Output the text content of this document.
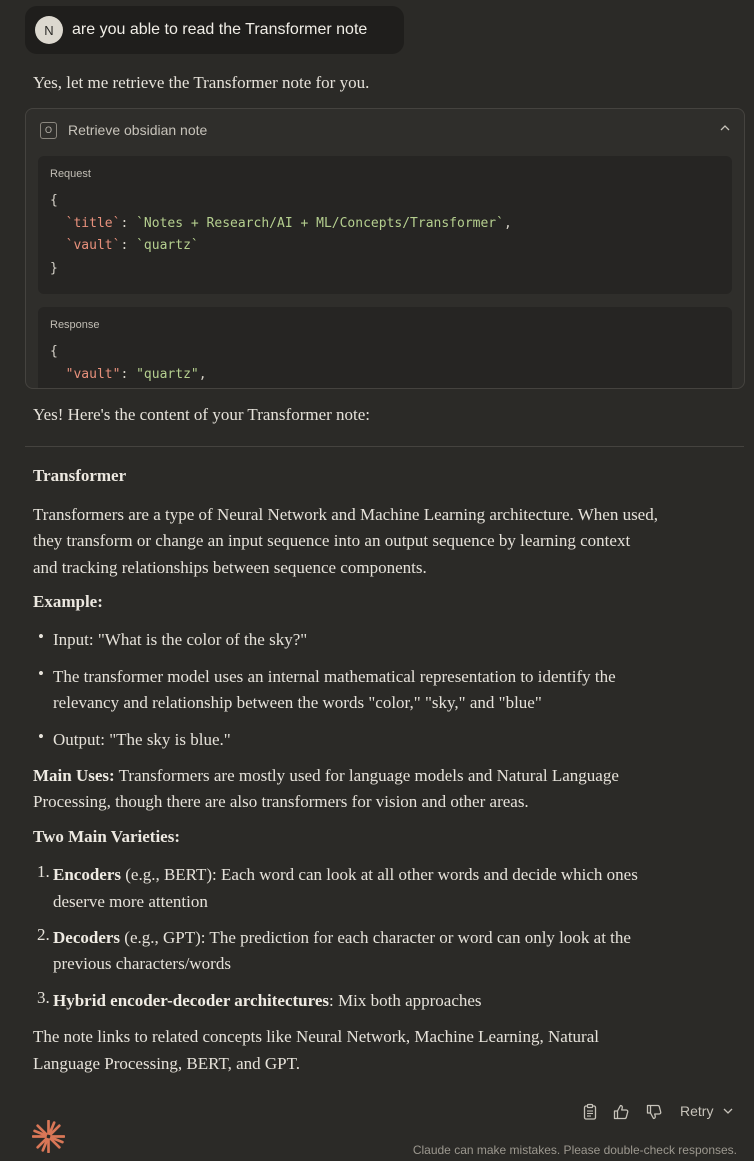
N	are you able to read the Transformer note
Yes, let me retrieve the Transformer note for you.
O	Retrieve obsidian note
Request
{
`title`: `Notes + Research/AI + ML/Concepts/Transformer`,
`vault`: `quartz`
}
Response
{
"vault": "quartz",
Yes! Here's the content of your Transformer note:
Transformer
Transformers are a type of Neural Network and Machine Learning architecture. When used,
they transform or change an input sequence into an output sequence by learning context
and tracking relationships between sequence components.
Example:
• Input: "What is the color of the sky?"
• The transformer model uses an internal mathematical representation to identify the
relevancy and relationship between the words "color," "sky," and "blue"
• Output: "The sky is blue."
Main Uses: Transformers are mostly used for language models and Natural Language
Processing, though there are also transformers for vision and other areas.
Two Main Varieties:
1. Encoders (e.g., BERT): Each word can look at all other words and decide which ones
deserve more attention
2. Decoders (e.g., GPT): The prediction for each character or word can only look at the
previous characters/words
3. Hybrid encoder-decoder architectures: Mix both approaches
The note links to related concepts like Neural Network, Machine Learning, Natural
Language Processing, BERT, and GPT.
Retry
Claude can make mistakes. Please double-check responses.
